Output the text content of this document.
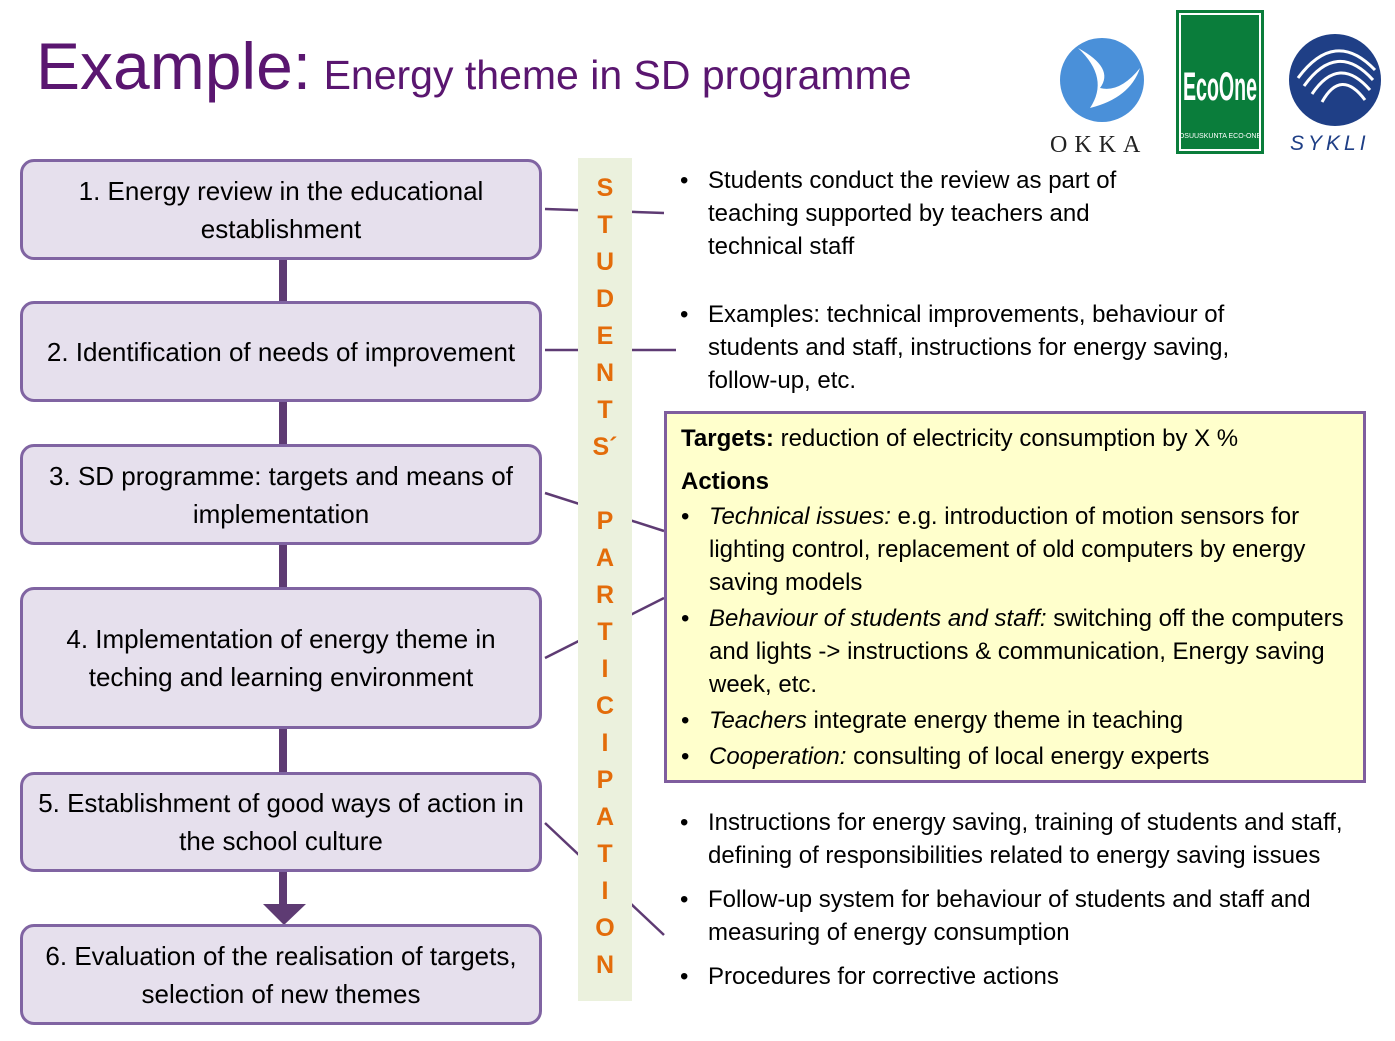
Example: Energy theme in SD programme	EcoOne
OSUUSKUNTA ECO-ONE
OKKA	SYKLI
1. Energy review in the educational establishment
2. Identification of needs of improvement
3. SD programme: targets and means of implementation
4. Implementation of energy theme in teching and learning environment
5. Establishment of good ways of action in the school culture
6. Evaluation of the realisation of targets, selection of new themes
S
T
U
D
E
N
T
S´

P
A
R
T
I
C
I
P
A
T
I
O
N
• Students conduct the review as part of teaching supported by teachers and technical staff
• Examples: technical improvements, behaviour of students and staff, instructions for energy saving, follow-up, etc.
Targets: reduction of electricity consumption by X %
Actions
• Technical issues: e.g. introduction of motion sensors for lighting control, replacement of old computers by energy saving models
• Behaviour of students and staff: switching off the computers and lights -> instructions & communication, Energy saving week, etc.
• Teachers integrate energy theme in teaching
• Cooperation: consulting of local energy experts
• Instructions for energy saving, training of students and staff, defining of responsibilities related to energy saving issues
• Follow-up system for behaviour of students and staff and measuring of energy consumption
• Procedures for corrective actions
